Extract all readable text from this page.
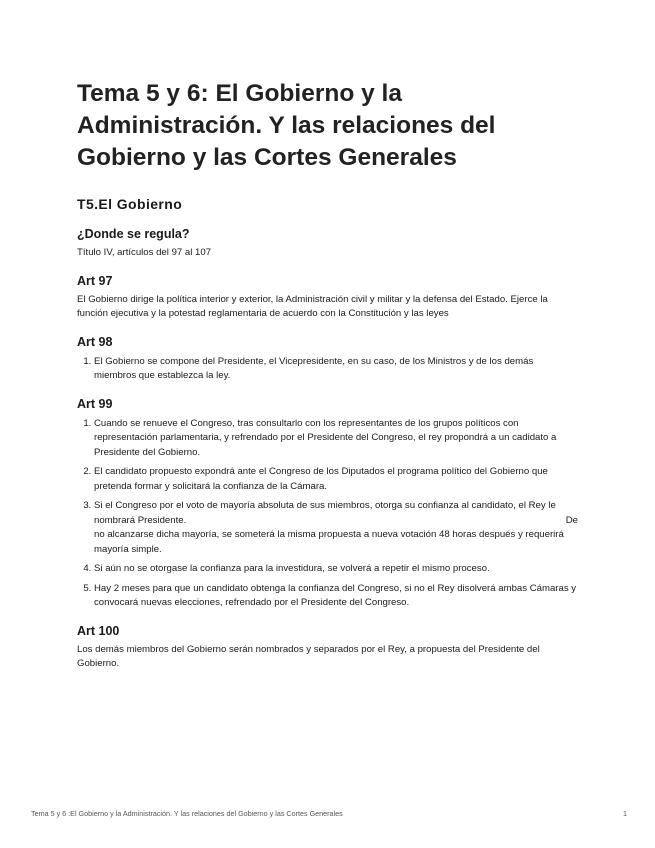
Tema 5 y 6: El Gobierno y la Administración. Y las relaciones del Gobierno y las Cortes Generales
T5.El Gobierno
¿Donde se regula?

Título IV, artículos del 97 al 107

Art 97

El Gobierno dirige la política interior y exterior, la Administración civil y militar y la defensa del Estado. Ejerce la función ejecutiva y la potestad reglamentaria de acuerdo con la Constitución y las leyes

Art 98
1. El Gobierno se compone del Presidente, el Vicepresidente, en su caso, de los Ministros y de los demás miembros que establezca la ley.
Art 99
1. Cuando se renueve el Congreso, tras consultarlo con los representantes de los grupos políticos con representación parlamentaria, y refrendado por el Presidente del Congreso, el rey propondrá a un cadidato a Presidente del Gobierno.
2. El candidato propuesto expondrá ante el Congreso de los Diputados el programa político del Gobierno que pretenda formar y solicitará la confianza de la Cámara.
3. Si el Congreso por el voto de mayoría absoluta de sus miembros, otorga su confianza al candidato, el Rey le nombrará Presidente.	De

no alcanzarse dicha mayoría, se someterá la misma propuesta a nueva votación 48 horas después y requerirá mayoría simple.
4. Si aún no se otorgase la confianza para la investidura, se volverá a repetir el mismo proceso.
5. Hay 2 meses para que un candidato obtenga la confianza del Congreso, si no el Rey disolverá ambas Cámaras y convocará nuevas elecciones, refrendado por el Presidente del Congreso.
Art 100

Los demás miembros del Gobierno serán nombrados y separados por el Rey, a propuesta del Presidente del Gobierno.

Tema 5 y 6 :El Gobierno y la Administración. Y las relaciones del Gobierno y las Cortes Generales	1
